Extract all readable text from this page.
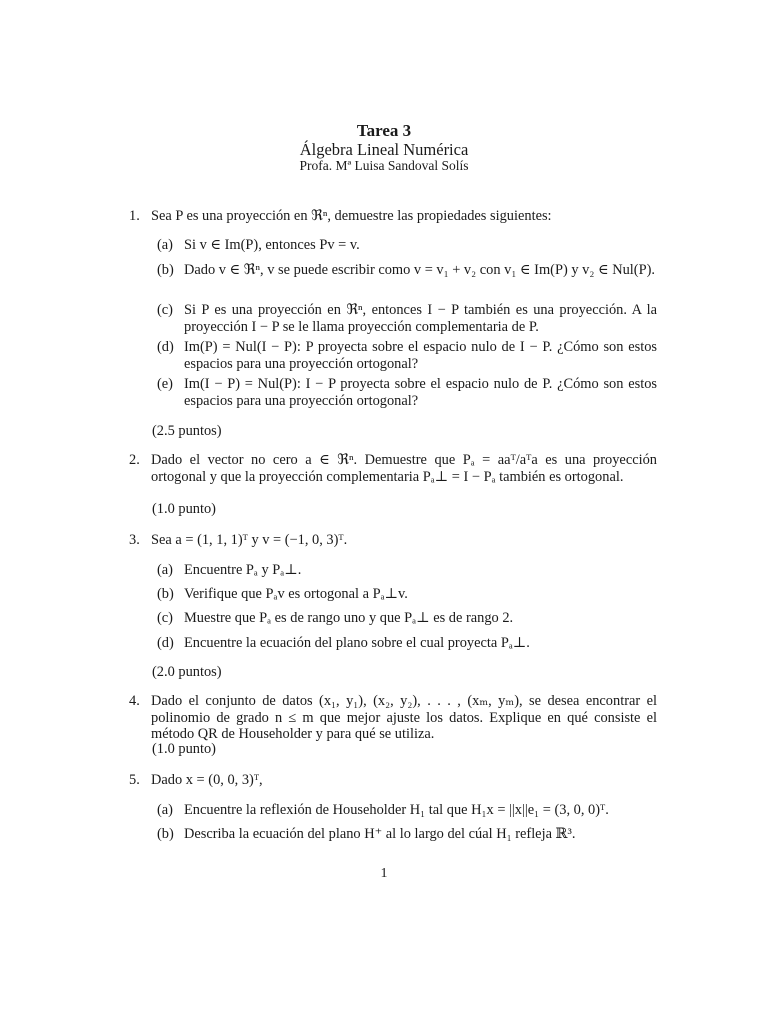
Tarea 3
Álgebra Lineal Numérica
Profa. Mª Luisa Sandoval Solís
1. Sea P es una proyección en ℜⁿ, demuestre las propiedades siguientes:
(a) Si v ∈ Im(P), entonces Pv = v.
(b) Dado v ∈ ℜⁿ, v se puede escribir como v = v₁ + v₂ con v₁ ∈ Im(P) y v₂ ∈ Nul(P).
(c) Si P es una proyección en ℜⁿ, entonces I − P también es una proyección. A la proyección I − P se le llama proyección complementaria de P.
(d) Im(P) = Nul(I − P): P proyecta sobre el espacio nulo de I − P. ¿Cómo son estos espacios para una proyección ortogonal?
(e) Im(I − P) = Nul(P): I − P proyecta sobre el espacio nulo de P. ¿Cómo son estos espacios para una proyección ortogonal?
(2.5 puntos)
2. Dado el vector no cero a ∈ ℜⁿ. Demuestre que Pₐ = aaᵀ/aᵀa es una proyección ortogonal y que la proyección complementaria Pₐ⊥ = I − Pₐ también es ortogonal.
(1.0 punto)
3. Sea a = (1, 1, 1)ᵀ y v = (−1, 0, 3)ᵀ.
(a) Encuentre Pₐ y Pₐ⊥.
(b) Verifique que Pₐv es ortogonal a Pₐ⊥v.
(c) Muestre que Pₐ es de rango uno y que Pₐ⊥ es de rango 2.
(d) Encuentre la ecuación del plano sobre el cual proyecta Pₐ⊥.
(2.0 puntos)
4. Dado el conjunto de datos (x₁, y₁), (x₂, y₂), . . . , (xₘ, yₘ), se desea encontrar el polinomio de grado n ≤ m que mejor ajuste los datos. Explique en qué consiste el método QR de Householder y para qué se utiliza.
(1.0 punto)
5. Dado x = (0, 0, 3)ᵀ,
(a) Encuentre la reflexión de Householder H₁ tal que H₁x = ||x||e₁ = (3, 0, 0)ᵀ.
(b) Describa la ecuación del plano H⁺ al lo largo del cúal H₁ refleja ℝ³.
1
